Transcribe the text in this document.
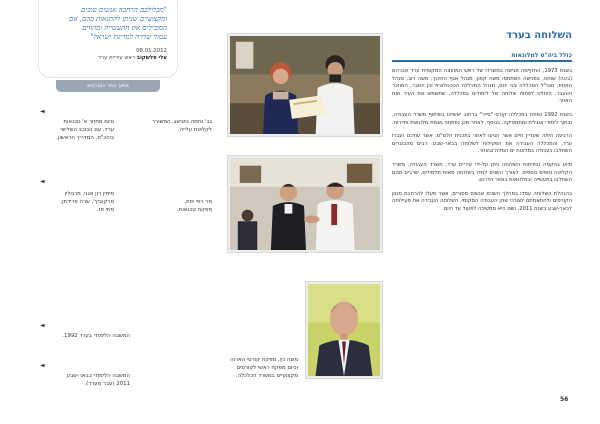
"מכלולכם הרחבה אנשים טובים
ומקצועיים שניתן להתגאות בהם, אם
המובילים את התעשייה ומהווים
עמוד שדרה למדינת ישראל"
08.01.2012
עלי פלשקוב ראש עיריית ערד
מתוך ספר האורחים
גב' נחמה נתניאג, המשורר
לקליטת עלייה.
◄
סיום מחזור א' טכנאות
ערד, עם הכוכב השלישי
ביהכ"ס, המדריך הראשון.
◄
מימין רון אגני, מרגולין
מרקוביץ', שרה פרידמן,
מתי פז.
מר רפי יפת,
מפקח טכנאות.
◄
המשבה הלימודי בערד 1992.
◄
המשבה הלימודי בבאר-שבע
2011 (עבר מערד).
משה כץ, מפקח קורסי הארוה
וכיום מפקח ראשי לקורסים
מקצועיים במשרד הכלכלה.
השלוחה בערד
כולל ביה"ס למלונאות

בשנת 1973, התקיימה פגישה במשרדו של ראש המועצה המקומית ערד אברהם (ביגה) שוחט, בפגישה השתתפו משה קפון, מנהל אגף החינוך, משה רוב, מנהל המחוז, מנכ"ל המכללה צבי יונס, מנהל המכללה הטכנולוגית וכן התבר, המוזכר והועבר. הוחלט לפתוח שלוחה של לימודים במכללה, שתשמש את העיר ואת האזור.

בשנת 1992 נפתח במכללה קורס "סייר" ברחוב יאשיהו בשיתוף משרד העבודה, ובתוך לימודי אנגלית ומתמטיקה. בנוסף, לאחר מכן נפתחה מגמת מלונאות ותיירות.

הרגיעה היתה שעדיין חיים אשר הגיעו לאזור בתכנית הלמ"ס, אשר עודכנו ועברו ערד, והמכללה העבירה את הפעילות לשלוחה בבאר-שבע. רבים מהבוגרים השתלבו בעבודה במלונות ים המלח ובאזור.

סיוע בהקמה ובפיתוח השלוחה ניתן על-ידי עיריית ערד, משרד העבודה, משרד הקליטה וגופים נוספים. לאורך השנים למדו בשלוחה מאות תלמידים, שרבים מהם השתלבו בתעשייה ובמלונאות באזור הדרום.

בהנהלת השלוחה עמדו במהלך השנים אנשים מסורים, אשר פעלו להרחבת מגוון הקורסים ולהתאמתם לצורכי שוק העבודה המקומי. השלוחה העבירה את פעילותה לבאר-שבע בשנת 2011, ושם היא ממשיכה לפעול עד היום.

56
